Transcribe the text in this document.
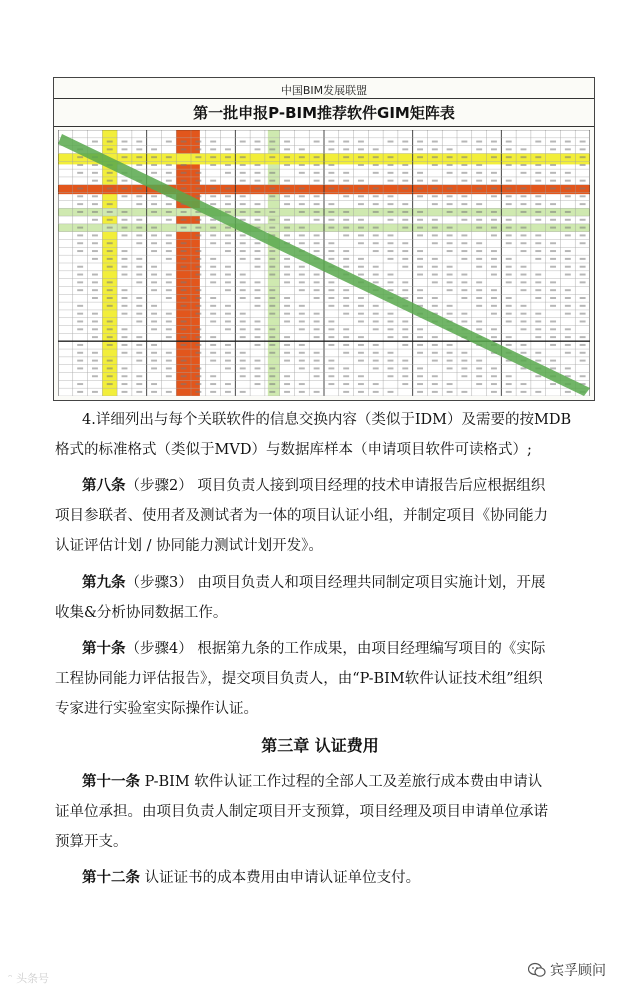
中国BIM发展联盟
第一批申报P-BIM推荐软件GIM矩阵表
4.详细列出与每个关联软件的信息交换内容（类似于IDM）及需要的按MDB
格式的标准格式（类似于MVD）与数据库样本（申请项目软件可读格式）;
第八条（步骤2） 项目负责人接到项目经理的技术申请报告后应根据组织
项目参联者、使用者及测试者为一体的项目认证小组，并制定项目《协同能力
认证评估计划 / 协同能力测试计划开发》。
第九条（步骤3） 由项目负责人和项目经理共同制定项目实施计划，开展
收集&分析协同数据工作。
第十条（步骤4） 根据第九条的工作成果，由项目经理编写项目的《实际
工程协同能力评估报告》，提交项目负责人，由“P-BIM软件认证技术组”组织
专家进行实验室实际操作认证。
第三章 认证费用
第十一条 P-BIM 软件认证工作过程的全部人工及差旅行成本费由申请认
证单位承担。由项目负责人制定项目开支预算，项目经理及项目申请单位承诺
预算开支。
第十二条 认证证书的成本费用由申请认证单位支付。
ᵔ 头条号	宾孚顾问
